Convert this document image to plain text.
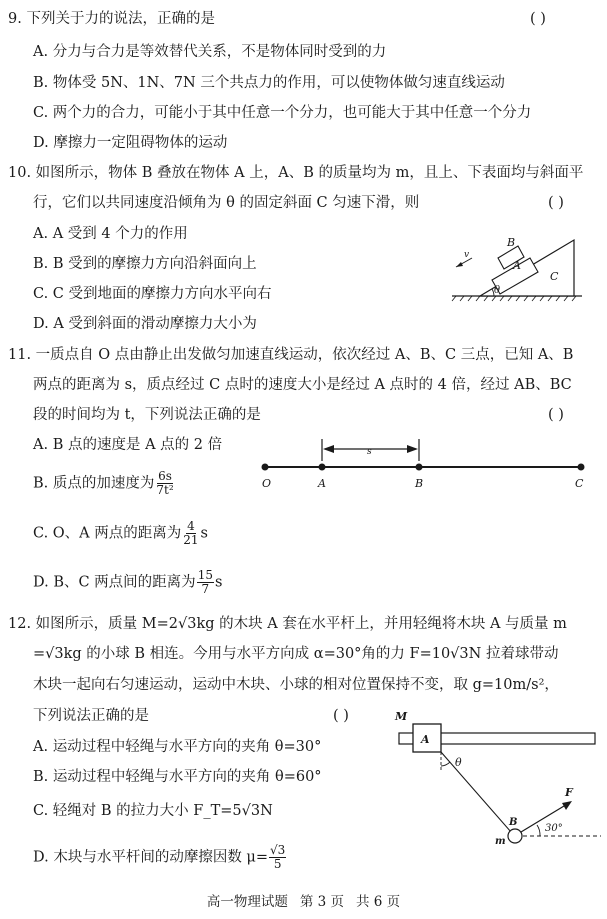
9. 下列关于力的说法，正确的是	( )
A. 分力与合力是等效替代关系，不是物体同时受到的力
B. 物体受 5N、1N、7N 三个共点力的作用，可以使物体做匀速直线运动
C. 两个力的合力，可能小于其中任意一个分力，也可能大于其中任意一个分力
D. 摩擦力一定阻碍物体的运动
10. 如图所示，物体 B 叠放在物体 A 上，A、B 的质量均为 m，且上、下表面均与斜面平
行，它们以共同速度沿倾角为 θ 的固定斜面 C 匀速下滑，则	( )
A. A 受到 4 个力的作用
B. B 受到的摩擦力方向沿斜面向上
C. C 受到地面的摩擦力方向水平向右
D. A 受到斜面的滑动摩擦力大小为
B
A
C
v
θ
11. 一质点自 O 点由静止出发做匀加速直线运动，依次经过 A、B、C 三点，已知 A、B
两点的距离为 s，质点经过 C 点时的速度大小是经过 A 点时的 4 倍，经过 AB、BC
段的时间均为 t，下列说法正确的是	( )
A. B 点的速度是 A 点的 2 倍
B. 质点的加速度为 $\frac{6s}{\text{7t²}}$
C. O、A 两点的距离为 $\frac{4}{21}$ s
D. B、C 两点间的距离为 $\frac{15}{7}$ s
s
O	A	B	C
12. 如图所示，质量 M=2√3kg 的木块 A 套在水平杆上，并用轻绳将木块 A 与质量 m
=√3kg 的小球 B 相连。今用与水平方向成 α=30°角的力 F=10√3N 拉着球带动
木块一起向右匀速运动，运动中木块、小球的相对位置保持不变，取 g=10m/s²，
下列说法正确的是	( )
A. 运动过程中轻绳与水平方向的夹角 θ=30°
B. 运动过程中轻绳与水平方向的夹角 θ=60°
C. 轻绳对 B 的拉力大小 F_T=5√3N
D. 木块与水平杆间的动摩擦因数 $\mu= \frac{√3}{5}$
M
A
θ
F
B
m
30°
高一物理试题 第 3 页 共 6 页
